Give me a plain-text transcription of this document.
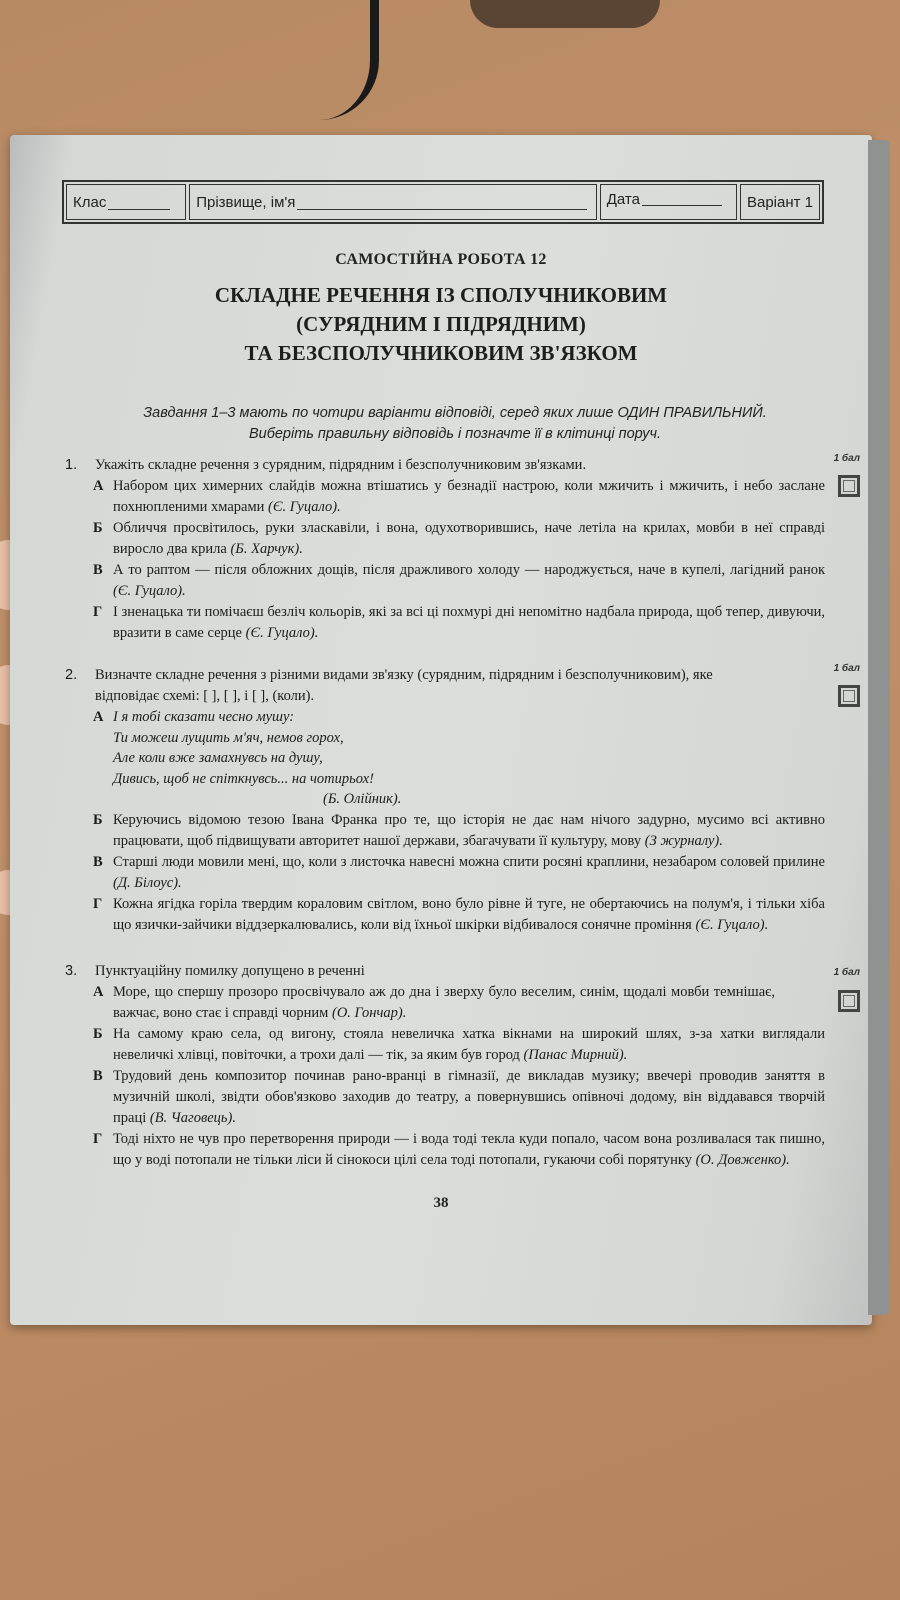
Клас	Прізвище, ім'я	Дата	Варіант 1
САМОСТІЙНА РОБОТА 12
СКЛАДНЕ РЕЧЕННЯ ІЗ СПОЛУЧНИКОВИМ
(СУРЯДНИМ І ПІДРЯДНИМ)
ТА БЕЗСПОЛУЧНИКОВИМ ЗВ'ЯЗКОМ
Завдання 1–3 мають по чотири варіанти відповіді, серед яких лише ОДИН ПРАВИЛЬНИЙ.
Виберіть правильну відповідь і позначте її в клітинці поруч.
1 бал
1.	Укажіть складне речення з сурядним, підрядним і безсполучниковим зв'язками.
А Набором цих химерних слайдів можна втішатись у безнадії настрою, коли мжичить і мжичить, і небо заслане похнюпленими хмарами (Є. Гуцало).
Б Обличчя просвітилось, руки злаcкавіли, і вона, одухотворившись, наче летіла на крилах, мовби в неї справді виросло два крила (Б. Харчук).
В А то раптом — після обложних дощів, після дражливого холоду — народжується, наче в купелі, лагідний ранок (Є. Гуцало).
Г І зненацька ти помічаєш безліч кольорів, які за всі ці похмурі дні непомітно надбала природа, щоб тепер, дивуючи, вразити в саме серце (Є. Гуцало).
1 бал
2.	Визначте складне речення з різними видами зв'язку (сурядним, підрядним і безсполучниковим), яке відповідає схемі: [ ], [ ], і [ ], (коли).
А І я тобі сказати чесно мушу:
Ти можеш лущить м'яч, немов горох,
Але коли вже замахнувсь на душу,
Дивись, щоб не спіткнувсь... на чотирьох!
(Б. Олійник).
Б Керуючись відомою тезою Івана Франка про те, що історія не дає нам нічого задурно, мусимо всі активно працювати, щоб підвищувати авторитет нашої держави, збагачувати її культуру, мову (З журналу).
В Старші люди мовили мені, що, коли з листочка навесні можна спити росяні краплини, незабаром соловей прилине (Д. Білоус).
Г Кожна ягідка горіла твердим кораловим світлом, воно було рівне й туге, не обертаючись на полум'я, і тільки хіба що язички-зайчики віддзеркалювались, коли від їхньої шкірки відбивалося сонячне проміння (Є. Гуцало).
1 бал
3.	Пунктуаційну помилку допущено в реченні
А Море, що спершу прозоро просвічувало аж до дна і зверху було веселим, синім, щодалі мовби темнішає, важчає, воно стає і справді чорним (О. Гончар).
Б На самому краю села, од вигону, стояла невеличка хатка вікнами на широкий шлях, з-за хатки виглядали невеличкі хлівці, повіточки, а трохи далі — тік, за яким був город (Панас Мирний).
В Трудовий день композитор починав рано-вранці в гімназії, де викладав музику; ввечері проводив заняття в музичній школі, звідти обов'язково заходив до театру, а повернувшись опівночі додому, він віддавався творчій праці (В. Чаговець).
Г Тоді ніхто не чув про перетворення природи — і вода тоді текла куди попало, часом вона розливалася так пишно, що у воді потопали не тільки ліси й сінокоси цілі села тоді потопали, гукаючи собі порятунку (О. Довженко).
38
